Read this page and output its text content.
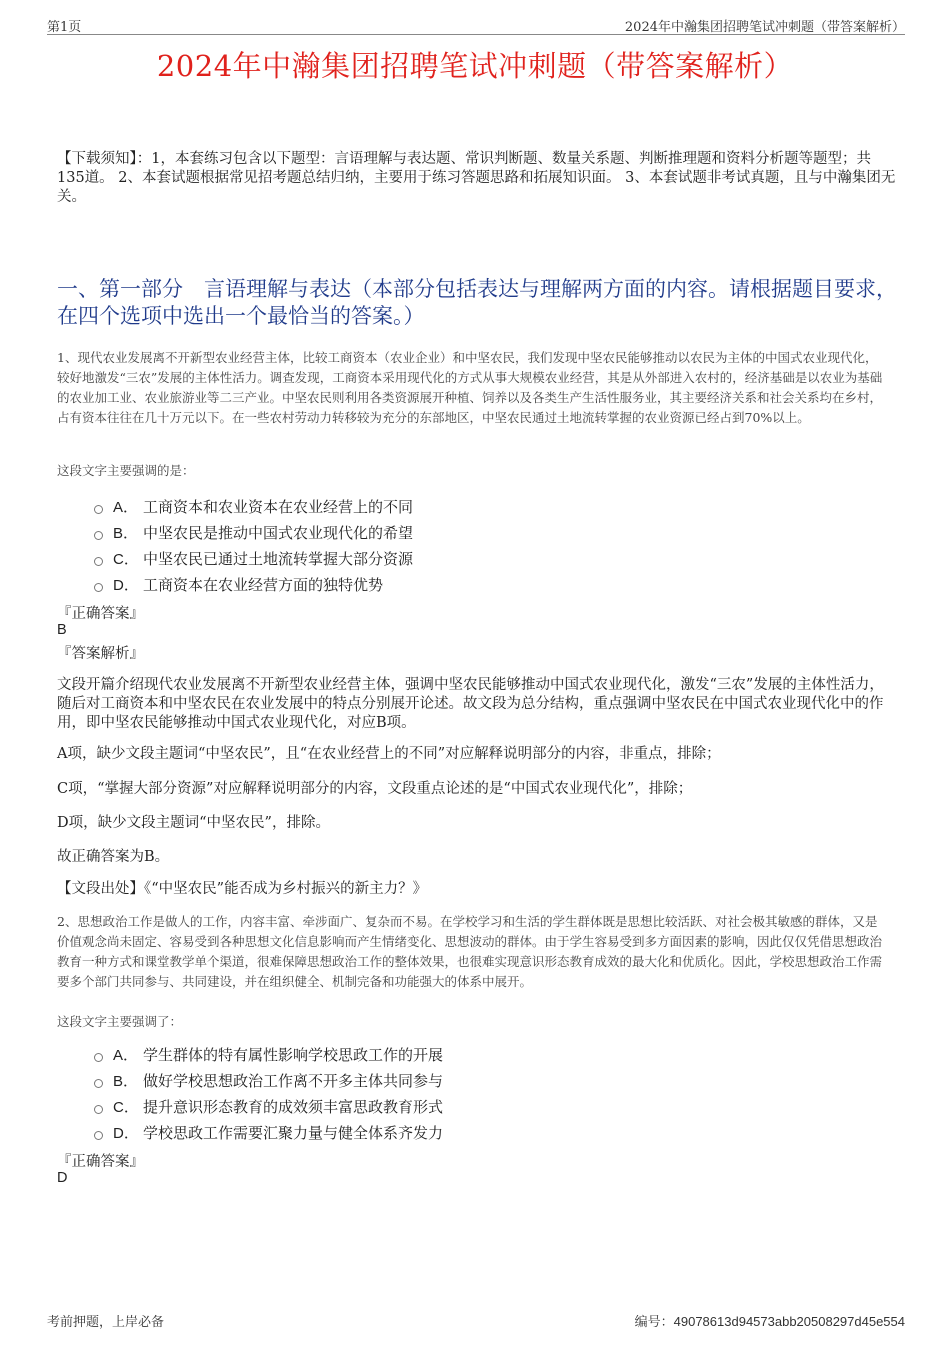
第1页	2024年中瀚集团招聘笔试冲刺题（带答案解析）
2024年中瀚集团招聘笔试冲刺题（带答案解析）
【下载须知】：1，本套练习包含以下题型：言语理解与表达题、常识判断题、数量关系题、判断推理题和资料分析题等题型；共135道。 2、本套试题根据常见招考题总结归纳，主要用于练习答题思路和拓展知识面。 3、本套试题非考试真题，且与中瀚集团无关。
一、第一部分　言语理解与表达（本部分包括表达与理解两方面的内容。请根据题目要求，在四个选项中选出一个最恰当的答案。）
1、现代农业发展离不开新型农业经营主体，比较工商资本（农业企业）和中坚农民，我们发现中坚农民能够推动以农民为主体的中国式农业现代化，较好地激发“三农”发展的主体性活力。调查发现，工商资本采用现代化的方式从事大规模农业经营，其是从外部进入农村的，经济基础是以农业为基础的农业加工业、农业旅游业等二三产业。中坚农民则利用各类资源展开种植、饲养以及各类生产生活性服务业，其主要经济关系和社会关系均在乡村，占有资本往往在几十万元以下。在一些农村劳动力转移较为充分的东部地区，中坚农民通过土地流转掌握的农业资源已经占到70%以上。
这段文字主要强调的是：
A． 工商资本和农业资本在农业经营上的不同
B． 中坚农民是推动中国式农业现代化的希望
C． 中坚农民已通过土地流转掌握大部分资源
D． 工商资本在农业经营方面的独特优势
『正确答案』
B
『答案解析』
文段开篇介绍现代农业发展离不开新型农业经营主体，强调中坚农民能够推动中国式农业现代化，激发“三农”发展的主体性活力，随后对工商资本和中坚农民在农业发展中的特点分别展开论述。故文段为总分结构，重点强调中坚农民在中国式农业现代化中的作用，即中坚农民能够推动中国式农业现代化，对应B项。
A项，缺少文段主题词“中坚农民”，且“在农业经营上的不同”对应解释说明部分的内容，非重点，排除；
C项，“掌握大部分资源”对应解释说明部分的内容，文段重点论述的是“中国式农业现代化”，排除；
D项，缺少文段主题词“中坚农民”，排除。
故正确答案为B。
【文段出处】《“中坚农民”能否成为乡村振兴的新主力？》
2、思想政治工作是做人的工作，内容丰富、牵涉面广、复杂而不易。在学校学习和生活的学生群体既是思想比较活跃、对社会极其敏感的群体，又是价值观念尚未固定、容易受到各种思想文化信息影响而产生情绪变化、思想波动的群体。由于学生容易受到多方面因素的影响，因此仅仅凭借思想政治教育一种方式和课堂教学单个渠道，很难保障思想政治工作的整体效果，也很难实现意识形态教育成效的最大化和优质化。因此，学校思想政治工作需要多个部门共同参与、共同建设，并在组织健全、机制完备和功能强大的体系中展开。
这段文字主要强调了：
A． 学生群体的特有属性影响学校思政工作的开展
B． 做好学校思想政治工作离不开多主体共同参与
C． 提升意识形态教育的成效须丰富思政教育形式
D． 学校思政工作需要汇聚力量与健全体系齐发力
『正确答案』
D
考前押题，上岸必备	编号：49078613d94573abb20508297d45e554
